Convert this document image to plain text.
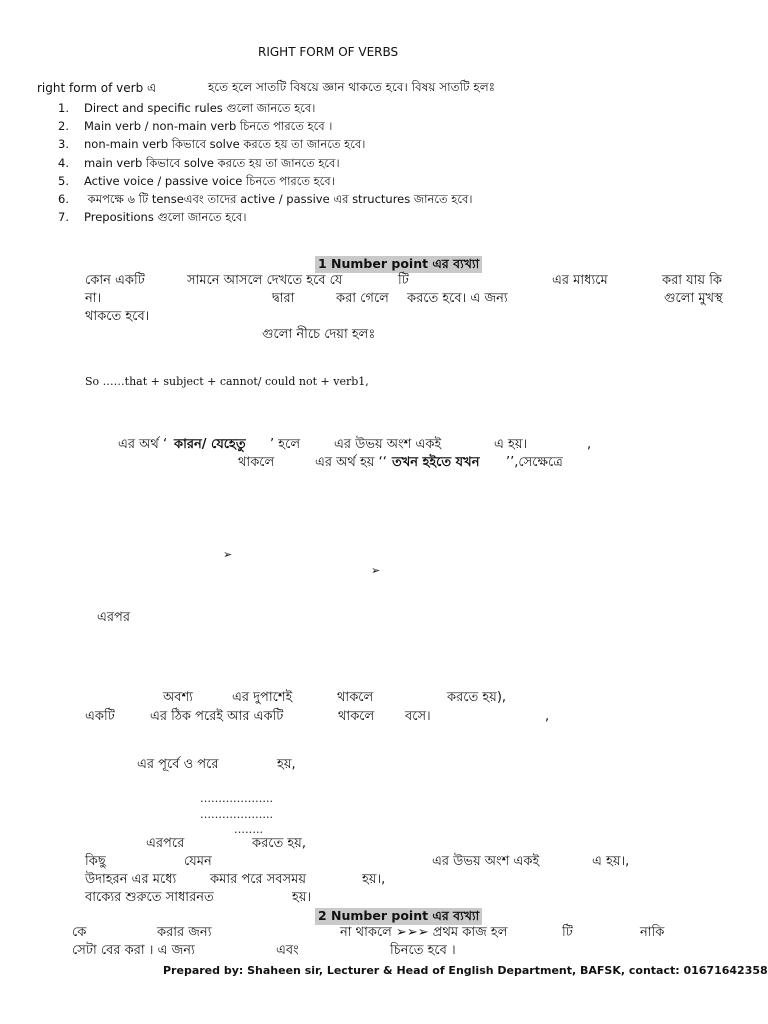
RIGHT FORM OF VERBS
right form of verb এ	হতে হলে সাতটি বিষয়ে জ্ঞান থাকতে হবে। বিষয় সাতটি হলঃ
1. Direct and specific rules গুলো জানতে হবে।
2. Main verb / non-main verb চিনতে পারতে হবে ।
3. non-main verb কিভাবে solve করতে হয় তা জানতে হবে।
4. main verb কিভাবে solve করতে হয় তা জানতে হবে।
5. Active voice / passive voice চিনতে পারতে হবে।
6. কমপক্ষে ৬ টি tenseএবং তাদের active / passive এর structures জানতে হবে।
7. Prepositions গুলো জানতে হবে।
1 Number point এর ব্যখ্যা
কোন একটি	সামনে আসলে দেখতে হবে যে	টি	এর মাধ্যমে	করা যায় কি
না।	দ্বারা	করা গেলে করতে হবে। এ জন্য	গুলো মুখস্থ
থাকতে হবে।
গুলো নীচে দেয়া হলঃ
So ……that + subject + cannot/ could not + verb1,
এর অর্থ ‘ কারন/ যেহেতু ’ হলে	এর উভয় অংশ একই	এ হয়।	,
থাকলে	এর অর্থ হয় ‘‘ তখন হইতে যখন ’’,সেক্ষেত্রে
➢
➢
এরপর
অবশ্য	এর দুপাশেই	থাকলে	করতে হয়),
একটি	এর ঠিক পরেই আর একটি	থাকলে বসে।	,
এর পূর্বে ও পরে	হয়,
………………..
………………..
……..
এরপরে	করতে হয়,
কিছু	যেমন	এর উভয় অংশ একই	এ হয়।,
উদাহরন এর মধ্যে	কমার পরে সবসময়	হয়।,
বাক্যের শুরুতে সাধারনত	হয়।
2 Number point এর ব্যখ্যা
কে	করার জন্য	না থাকলে ➢➢➢ প্রথম কাজ হল	টি	নাকি
সেটা বের করা । এ জন্য	এবং	চিনতে হবে ।
Prepared by: Shaheen sir, Lecturer & Head of English Department, BAFSK, contact: 01671642358
